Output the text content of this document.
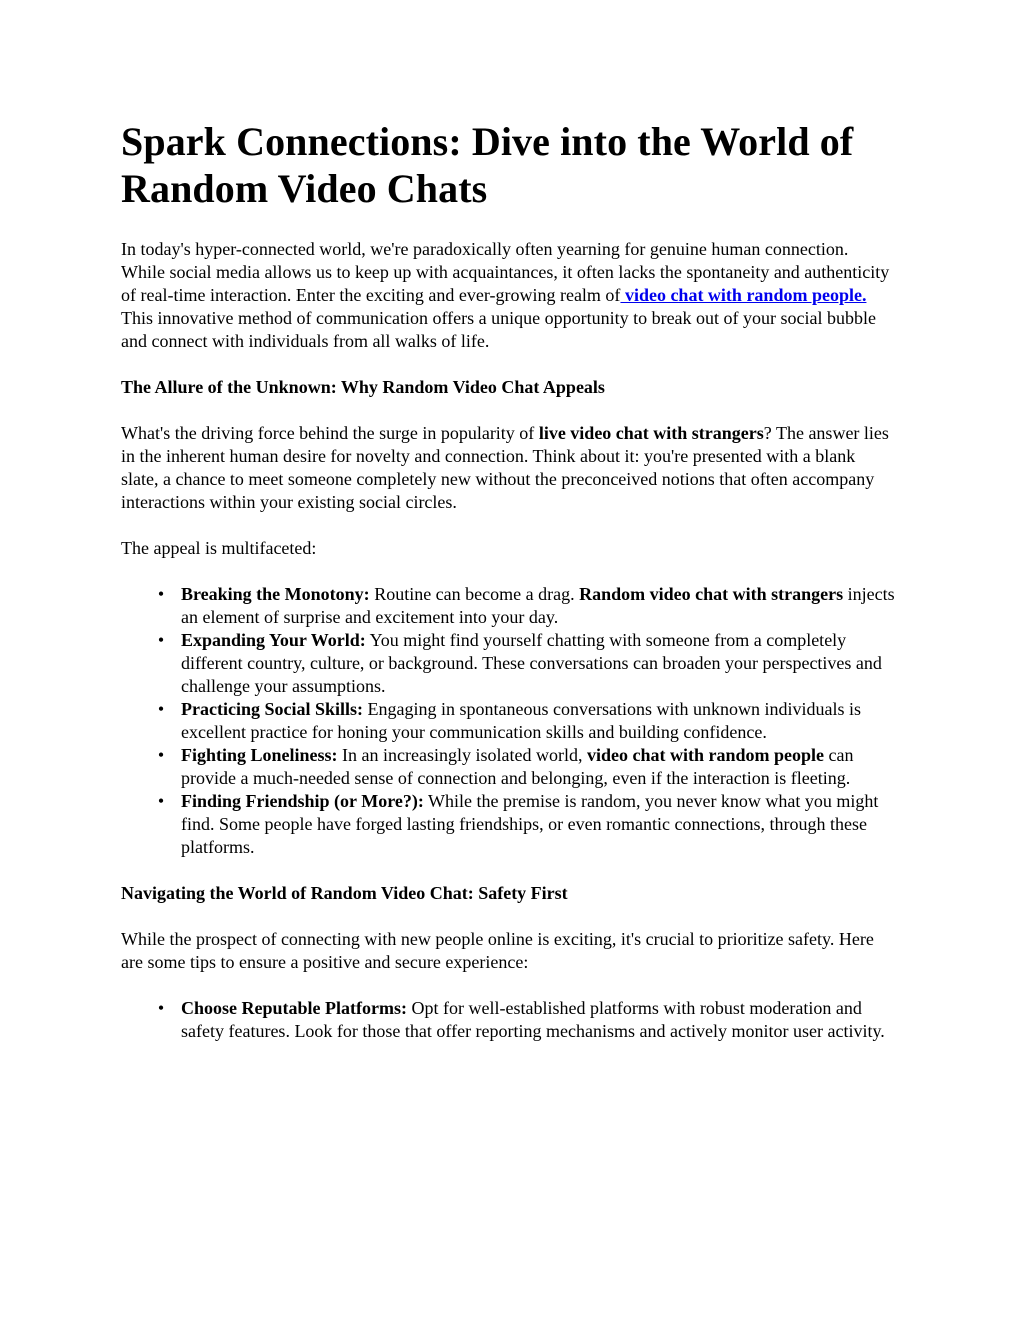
Spark Connections: Dive into the World of Random Video Chats

In today's hyper-connected world, we're paradoxically often yearning for genuine human connection. While social media allows us to keep up with acquaintances, it often lacks the spontaneity and authenticity of real-time interaction. Enter the exciting and ever-growing realm of video chat with random people. This innovative method of communication offers a unique opportunity to break out of your social bubble and connect with individuals from all walks of life.

The Allure of the Unknown: Why Random Video Chat Appeals

What's the driving force behind the surge in popularity of live video chat with strangers? The answer lies in the inherent human desire for novelty and connection. Think about it: you're presented with a blank slate, a chance to meet someone completely new without the preconceived notions that often accompany interactions within your existing social circles.

The appeal is multifaceted:

• Breaking the Monotony: Routine can become a drag. Random video chat with strangers injects an element of surprise and excitement into your day.
• Expanding Your World: You might find yourself chatting with someone from a completely different country, culture, or background. These conversations can broaden your perspectives and challenge your assumptions.
• Practicing Social Skills: Engaging in spontaneous conversations with unknown individuals is excellent practice for honing your communication skills and building confidence.
• Fighting Loneliness: In an increasingly isolated world, video chat with random people can provide a much-needed sense of connection and belonging, even if the interaction is fleeting.
• Finding Friendship (or More?): While the premise is random, you never know what you might find. Some people have forged lasting friendships, or even romantic connections, through these platforms.

Navigating the World of Random Video Chat: Safety First

While the prospect of connecting with new people online is exciting, it's crucial to prioritize safety. Here are some tips to ensure a positive and secure experience:

• Choose Reputable Platforms: Opt for well-established platforms with robust moderation and safety features. Look for those that offer reporting mechanisms and actively monitor user activity.
